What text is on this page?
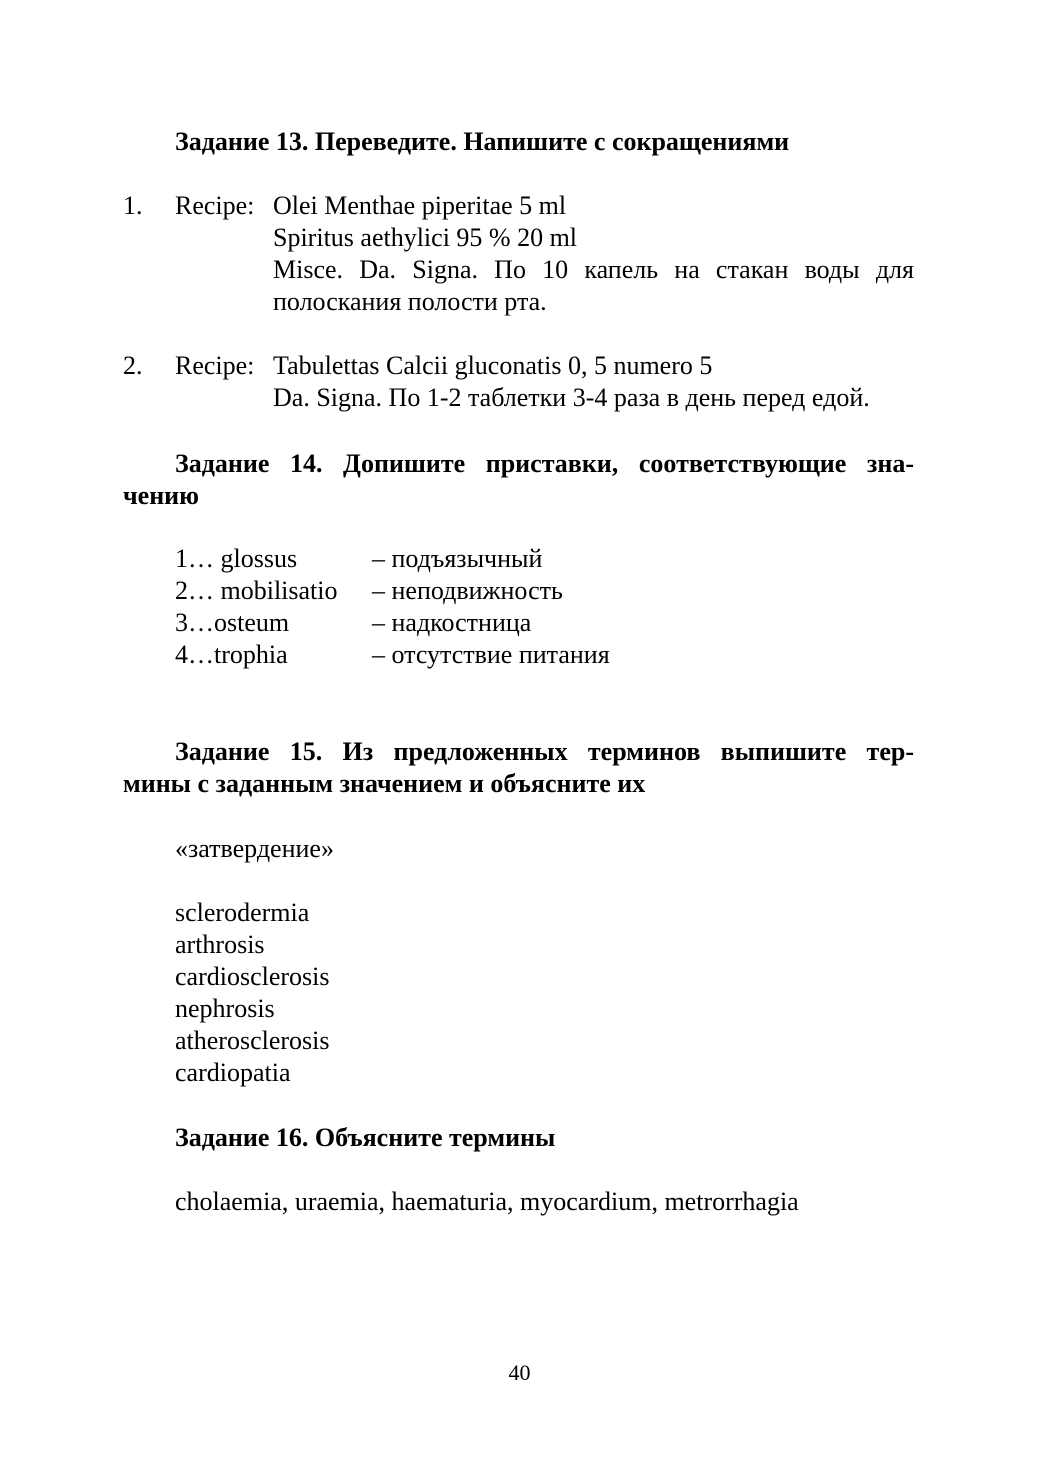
Задание 13. Переведите. Напишите с сокращениями
1. Recipe: Olei Menthae piperitae 5 ml
Spiritus aethylici 95 % 20 ml
Misce. Da. Signa. По 10 капель на стакан воды для
полоскания полости рта.
2. Recipe: Tabulettas Calcii gluconatis 0, 5 numero 5
Da. Signa. По 1-2 таблетки 3-4 раза в день перед едой.
Задание 14. Допишите приставки, соответствующие зна-
чению
1… glossus	– подъязычный
2… mobilisatio – неподвижность
3…osteum	– надкостница
4…trophia	– отсутствие питания
Задание 15. Из предложенных терминов выпишите тер-
мины с заданным значением и объясните их
«затвердение»
sclerodermia
arthrosis
cardiosclerosis
nephrosis
atherosclerosis
cardiopatia
Задание 16. Объясните термины
cholaemia, uraemia, haematuria, myocardium, metrorrhagia
40
